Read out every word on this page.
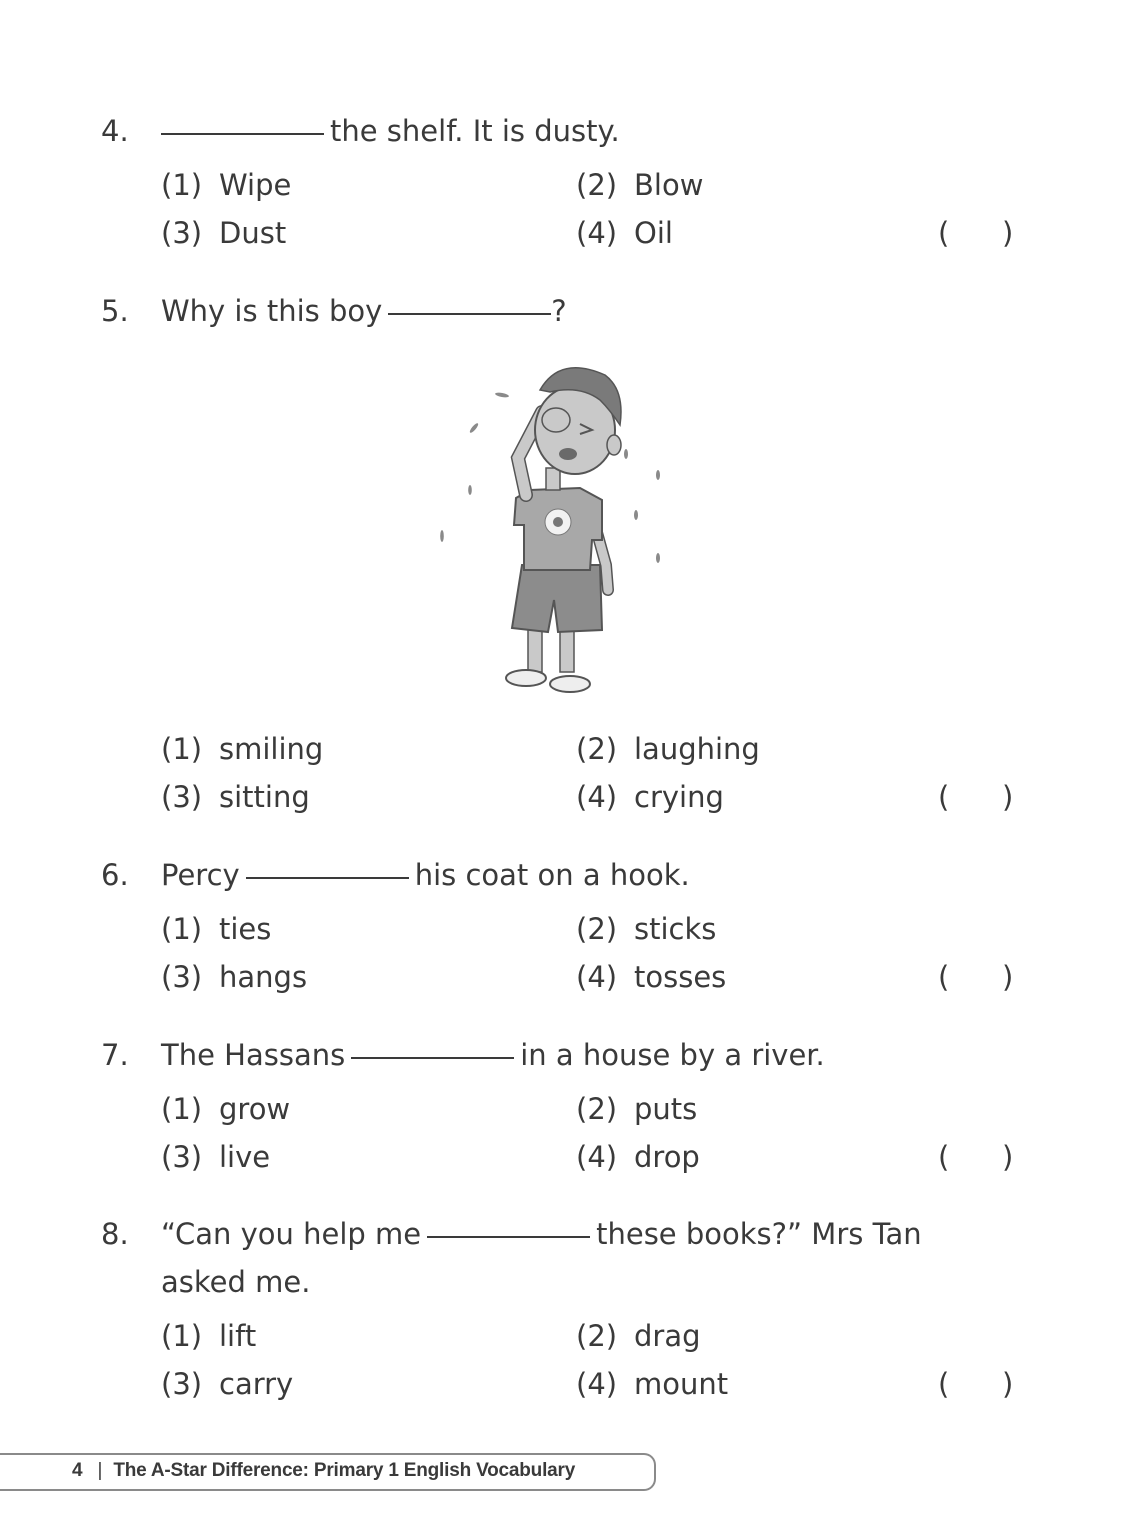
4.	the shelf. It is dusty.
(1) Wipe	(2) Blow
(3) Dust	(4) Oil	( )
5. Why is this boy	?
(1) smiling	(2) laughing
(3) sitting	(4) crying	( )
6. Percy	his coat on a hook.
(1) ties	(2) sticks
(3) hangs	(4) tosses	( )
7. The Hassans	in a house by a river.
(1) grow	(2) puts
(3) live	(4) drop	( )
8. “Can you help me	these books?” Mrs Tan
asked me.
(1) lift	(2) drag
(3) carry	(4) mount	( )
4 | The A-Star Difference: Primary 1 English Vocabulary
